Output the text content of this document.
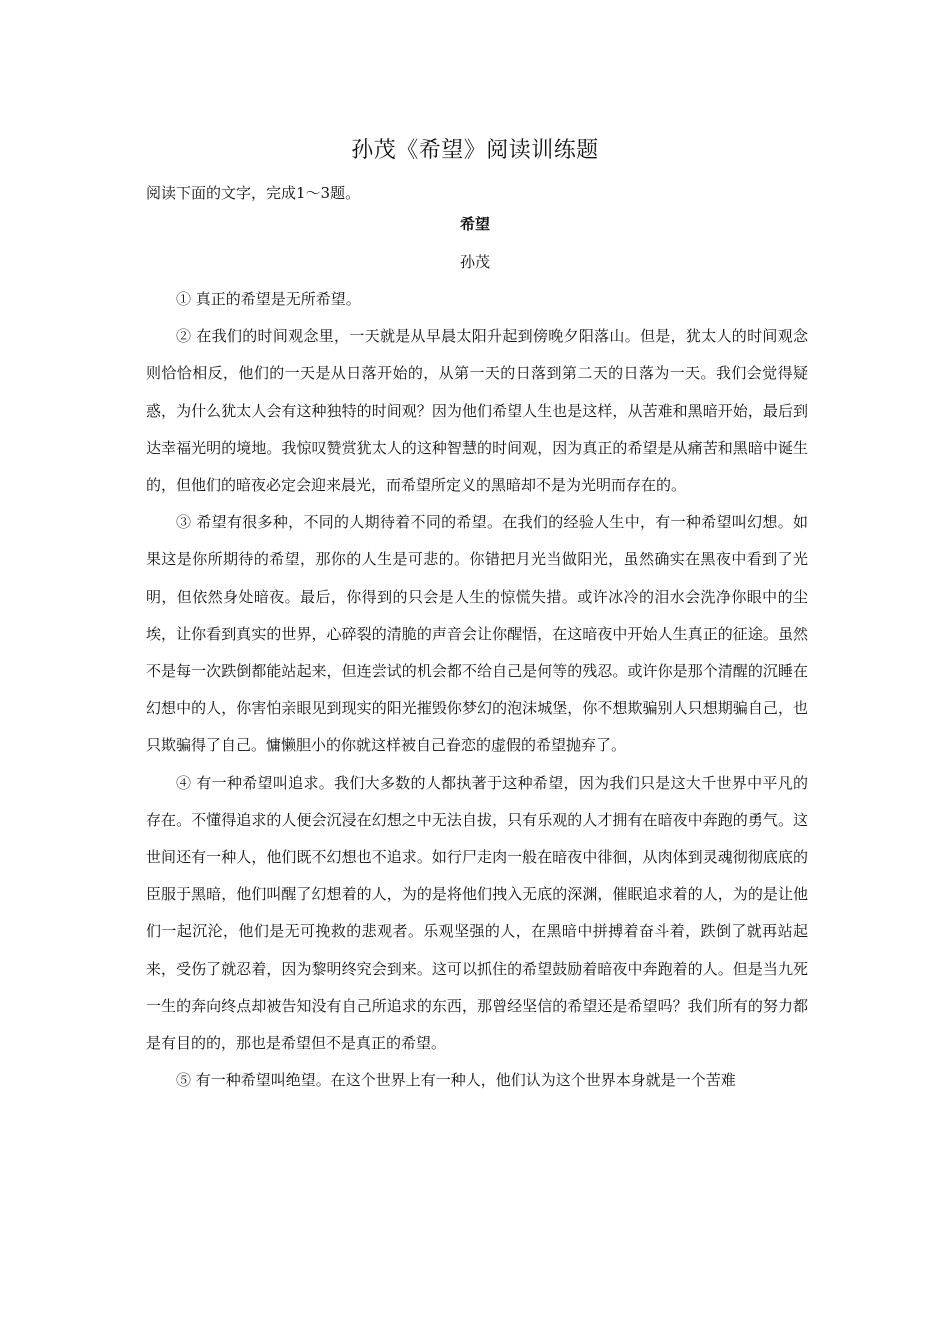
孙茂《希望》阅读训练题
阅读下面的文字，完成1～3题。
希望
孙茂

① 真正的希望是无所希望。

② 在我们的时间观念里，一天就是从早晨太阳升起到傍晚夕阳落山。但是，犹太人的时间观念则恰恰相反，他们的一天是从日落开始的，从第一天的日落到第二天的日落为一天。我们会觉得疑惑，为什么犹太人会有这种独特的时间观？因为他们希望人生也是这样，从苦难和黑暗开始，最后到达幸福光明的境地。我惊叹赞赏犹太人的这种智慧的时间观，因为真正的希望是从痛苦和黑暗中诞生的，但他们的暗夜必定会迎来晨光，而希望所定义的黑暗却不是为光明而存在的。

③ 希望有很多种，不同的人期待着不同的希望。在我们的经验人生中，有一种希望叫幻想。如果这是你所期待的希望，那你的人生是可悲的。你错把月光当做阳光，虽然确实在黑夜中看到了光明，但依然身处暗夜。最后，你得到的只会是人生的惊慌失措。或许冰冷的泪水会洗净你眼中的尘埃，让你看到真实的世界，心碎裂的清脆的声音会让你醒悟，在这暗夜中开始人生真正的征途。虽然不是每一次跌倒都能站起来，但连尝试的机会都不给自己是何等的残忍。或许你是那个清醒的沉睡在幻想中的人，你害怕亲眼见到现实的阳光摧毁你梦幻的泡沫城堡，你不想欺骗别人只想期骗自己，也只欺骗得了自己。慵懒胆小的你就这样被自己眷恋的虚假的希望抛弃了。

④ 有一种希望叫追求。我们大多数的人都执著于这种希望，因为我们只是这大千世界中平凡的存在。不懂得追求的人便会沉浸在幻想之中无法自拔，只有乐观的人才拥有在暗夜中奔跑的勇气。这世间还有一种人，他们既不幻想也不追求。如行尸走肉一般在暗夜中徘徊，从肉体到灵魂彻彻底底的臣服于黑暗，他们叫醒了幻想着的人，为的是将他们拽入无底的深渊，催眠追求着的人，为的是让他们一起沉沦，他们是无可挽救的悲观者。乐观坚强的人，在黑暗中拼搏着奋斗着，跌倒了就再站起来，受伤了就忍着，因为黎明终究会到来。这可以抓住的希望鼓励着暗夜中奔跑着的人。但是当九死一生的奔向终点却被告知没有自己所追求的东西，那曾经坚信的希望还是希望吗？我们所有的努力都是有目的的，那也是希望但不是真正的希望。

⑤ 有一种希望叫绝望。在这个世界上有一种人，他们认为这个世界本身就是一个苦难
